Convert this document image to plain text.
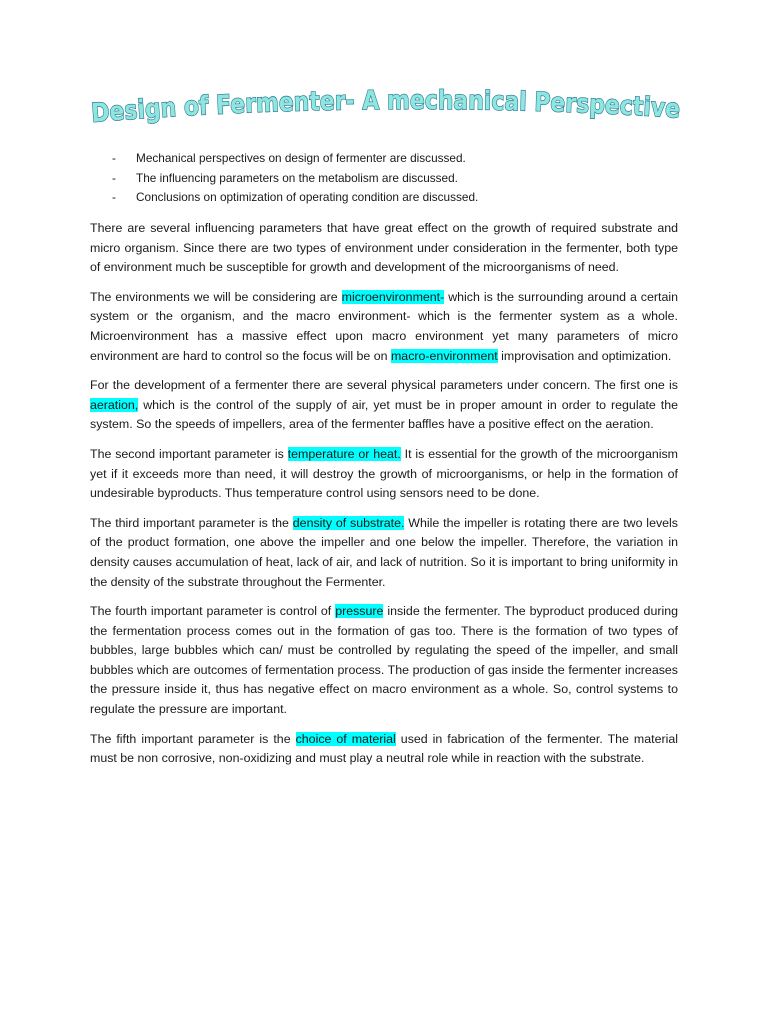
Design of Fermenter- A mechanical Perspective
- Mechanical perspectives on design of fermenter are discussed.
- The influencing parameters on the metabolism are discussed.
- Conclusions on optimization of operating condition are discussed.

There are several influencing parameters that have great effect on the growth of required substrate and micro organism. Since there are two types of environment under consideration in the fermenter, both type of environment much be susceptible for growth and development of the microorganisms of need.

The environments we will be considering are microenvironment- which is the surrounding around a certain system or the organism, and the macro environment- which is the fermenter system as a whole. Microenvironment has a massive effect upon macro environment yet many parameters of micro environment are hard to control so the focus will be on macro-environment improvisation and optimization.

For the development of a fermenter there are several physical parameters under concern. The first one is aeration, which is the control of the supply of air, yet must be in proper amount in order to regulate the system. So the speeds of impellers, area of the fermenter baffles have a positive effect on the aeration.

The second important parameter is temperature or heat. It is essential for the growth of the microorganism yet if it exceeds more than need, it will destroy the growth of microorganisms, or help in the formation of undesirable byproducts. Thus temperature control using sensors need to be done.

The third important parameter is the density of substrate. While the impeller is rotating there are two levels of the product formation, one above the impeller and one below the impeller. Therefore, the variation in density causes accumulation of heat, lack of air, and lack of nutrition. So it is important to bring uniformity in the density of the substrate throughout the Fermenter.

The fourth important parameter is control of pressure inside the fermenter. The byproduct produced during the fermentation process comes out in the formation of gas too. There is the formation of two types of bubbles, large bubbles which can/ must be controlled by regulating the speed of the impeller, and small bubbles which are outcomes of fermentation process. The production of gas inside the fermenter increases the pressure inside it, thus has negative effect on macro environment as a whole. So, control systems to regulate the pressure are important.

The fifth important parameter is the choice of material used in fabrication of the fermenter. The material must be non corrosive, non-oxidizing and must play a neutral role while in reaction with the substrate.
